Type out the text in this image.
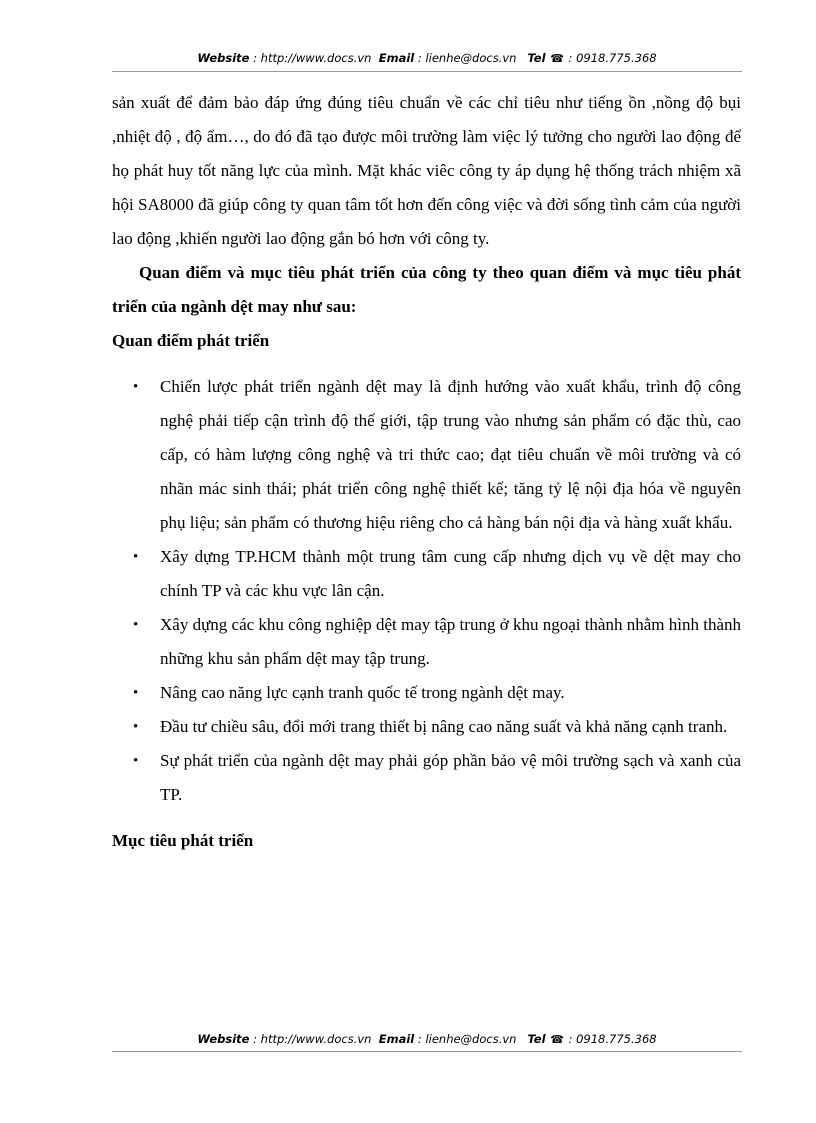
Website : http://www.docs.vn Email : lienhe@docs.vn Tel ☎ : 0918.775.368

sản xuất để đảm bảo đáp ứng đúng tiêu chuẩn về các chỉ tiêu như tiếng ồn ,nồng độ bụi ,nhiệt độ , độ ẩm…, do đó đã tạo được môi trường làm việc lý tưởng cho người lao động để họ phát huy tốt năng lực của mình. Mặt khác viêc công ty áp dụng hệ thống trách nhiệm xã hội SA8000 đã giúp công ty quan tâm tốt hơn đến công việc và đời sống tình cảm của người lao động ,khiến người lao động gắn bó hơn với công ty.

Quan điểm và mục tiêu phát triển của công ty theo quan điểm và mục tiêu phát triển của ngành dệt may như sau:

Quan điểm phát triển

• Chiến lược phát triển ngành dệt may là định hướng vào xuất khẩu, trình độ công nghệ phải tiếp cận trình độ thế giới, tập trung vào nhưng sản phẩm có đặc thù, cao cấp, có hàm lượng công nghệ và tri thức cao; đạt tiêu chuẩn về môi trường và có nhãn mác sinh thái; phát triển công nghệ thiết kế; tăng tỷ lệ nội địa hóa về nguyên phụ liệu; sản phẩm có thương hiệu riêng cho cả hàng bán nội địa và hàng xuất khẩu.
• Xây dựng TP.HCM thành một trung tâm cung cấp nhưng dịch vụ về dệt may cho chính TP và các khu vực lân cận.
• Xây dựng các khu công nghiệp dệt may tập trung ở khu ngoại thành nhằm hình thành những khu sản phẩm dệt may tập trung.
• Nâng cao năng lực cạnh tranh quốc tế trong ngành dệt may.
• Đầu tư chiều sâu, đổi mới trang thiết bị nâng cao năng suất và khả năng cạnh tranh.
• Sự phát triển của ngành dệt may phải góp phần bảo vệ môi trường sạch và xanh của TP.

Mục tiêu phát triển

Website : http://www.docs.vn Email : lienhe@docs.vn Tel ☎ : 0918.775.368
